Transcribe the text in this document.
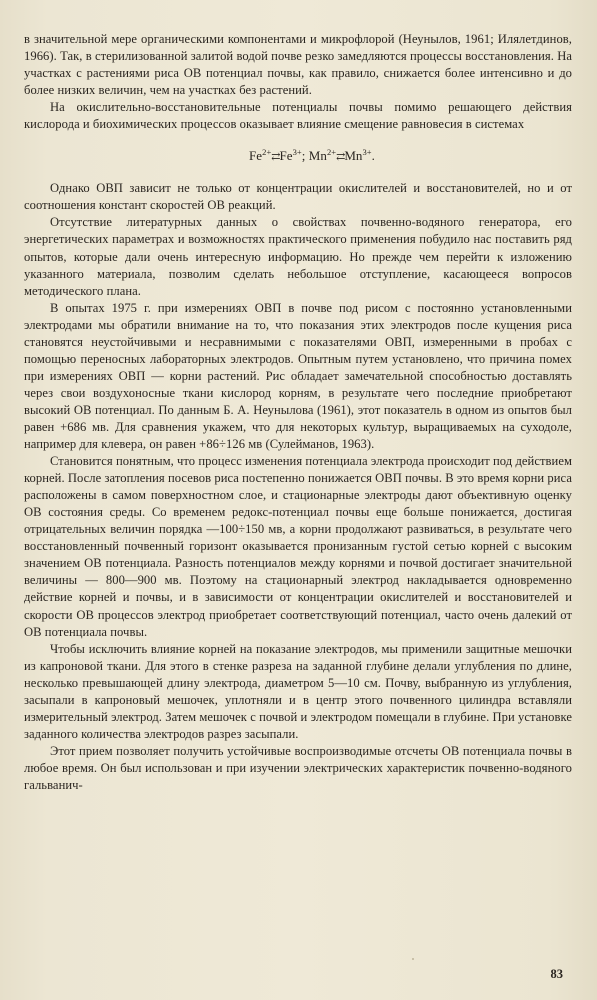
в значительной мере органическими компонентами и микрофлорой (Неунылов, 1961; Илялетдинов, 1966). Так, в стерилизованной залитой водой почве резко замедляются процессы восстановления. На участках с растениями риса ОВ потенциал почвы, как правило, снижается более интенсивно и до более низких величин, чем на участках без растений.

На окислительно-восстановительные потенциалы почвы помимо решающего действия кислорода и биохимических процессов оказывает влияние смещение равновесия в системах

$Fe^{2+}⇄Fe^{3+}$; $Mn^{2+}⇄Mn^{3+}$.

Однако ОВП зависит не только от концентрации окислителей и восстановителей, но и от соотношения констант скоростей ОВ реакций.

Отсутствие литературных данных о свойствах почвенно-водяного генератора, его энергетических параметрах и возможностях практического применения побудило нас поставить ряд опытов, которые дали очень интересную информацию. Но прежде чем перейти к изложению указанного материала, позволим сделать небольшое отступление, касающееся вопросов методического плана.

В опытах 1975 г. при измерениях ОВП в почве под рисом с постоянно установленными электродами мы обратили внимание на то, что показания этих электродов после кущения риса становятся неустойчивыми и несравнимыми с показателями ОВП, измеренными в пробах с помощью переносных лабораторных электродов. Опытным путем установлено, что причина помех при измерениях ОВП — корни растений. Рис обладает замечательной способностью доставлять через свои воздухоносные ткани кислород корням, в результате чего последние приобретают высокий ОВ потенциал. По данным Б. А. Неунылова (1961), этот показатель в одном из опытов был равен +686 мв. Для сравнения укажем, что для некоторых культур, выращиваемых на суходоле, например для клевера, он равен +86÷126 мв (Сулейманов, 1963).

Становится понятным, что процесс изменения потенциала электрода происходит под действием корней. После затопления посевов риса постепенно понижается ОВП почвы. В это время корни риса расположены в самом поверхностном слое, и стационарные электроды дают объективную оценку ОВ состояния среды. Со временем редокс-потенциал почвы еще больше понижается, достигая отрицательных величин порядка —100÷150 мв, а корни продолжают развиваться, в результате чего восстановленный почвенный горизонт оказывается пронизанным густой сетью корней с высоким значением ОВ потенциала. Разность потенциалов между корнями и почвой достигает значительной величины — 800—900 мв. Поэтому на стационарный электрод накладывается одновременно действие корней и почвы, и в зависимости от концентрации окислителей и восстановителей и скорости ОВ процессов электрод приобретает соответствующий потенциал, часто очень далекий от ОВ потенциала почвы.

Чтобы исключить влияние корней на показание электродов, мы применили защитные мешочки из капроновой ткани. Для этого в стенке разреза на заданной глубине делали углубления по длине, несколько превышающей длину электрода, диаметром 5—10 см. Почву, выбранную из углубления, засыпали в капроновый мешочек, уплотняли и в центр этого почвенного цилиндра вставляли измерительный электрод. Затем мешочек с почвой и электродом помещали в глубине. При установке заданного количества электродов разрез засыпали.

Этот прием позволяет получить устойчивые воспроизводимые отсчеты ОВ потенциала почвы в любое время. Он был использован и при изучении электрических характеристик почвенно-водяного гальванич-

83
